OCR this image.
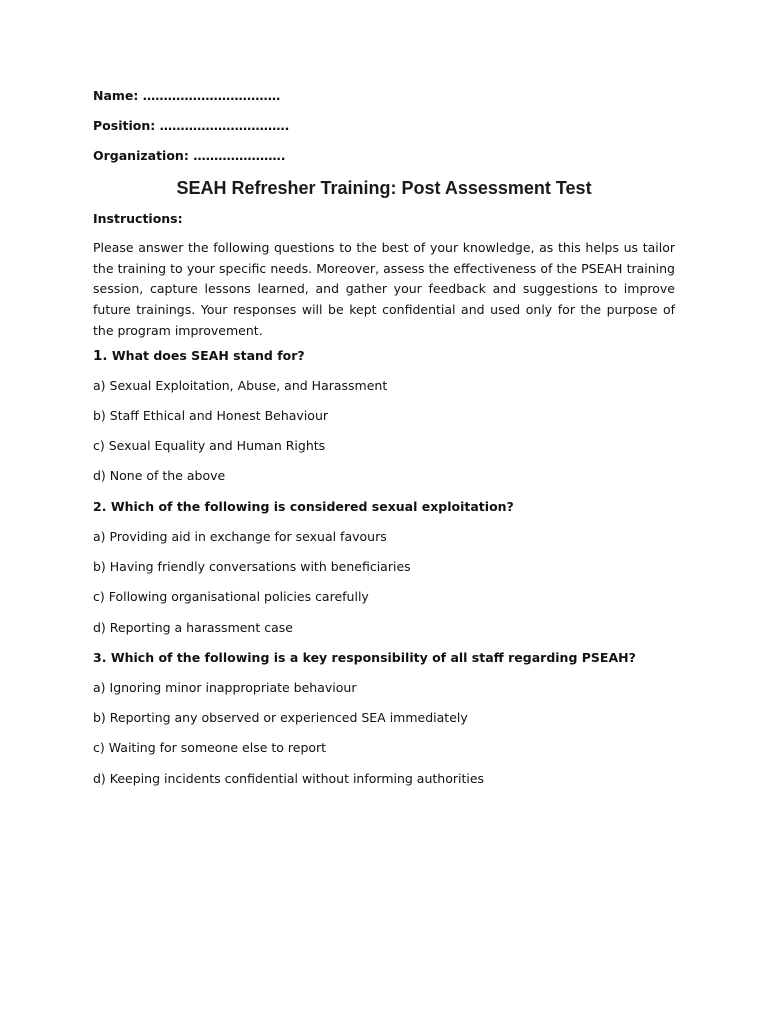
Name: ……………………………
Position: ………………………….
Organization: ………………….
SEAH Refresher Training: Post Assessment Test
Instructions:

Please answer the following questions to the best of your knowledge, as this helps us tailor the training to your specific needs. Moreover, assess the effectiveness of the PSEAH training session, capture lessons learned, and gather your feedback and suggestions to improve future trainings. Your responses will be kept confidential and used only for the purpose of the program improvement.

1. What does SEAH stand for?
a) Sexual Exploitation, Abuse, and Harassment
b) Staff Ethical and Honest Behaviour
c) Sexual Equality and Human Rights
d) None of the above
2. Which of the following is considered sexual exploitation?
a) Providing aid in exchange for sexual favours
b) Having friendly conversations with beneficiaries
c) Following organisational policies carefully
d) Reporting a harassment case
3. Which of the following is a key responsibility of all staff regarding PSEAH?
a) Ignoring minor inappropriate behaviour
b) Reporting any observed or experienced SEA immediately
c) Waiting for someone else to report
d) Keeping incidents confidential without informing authorities
